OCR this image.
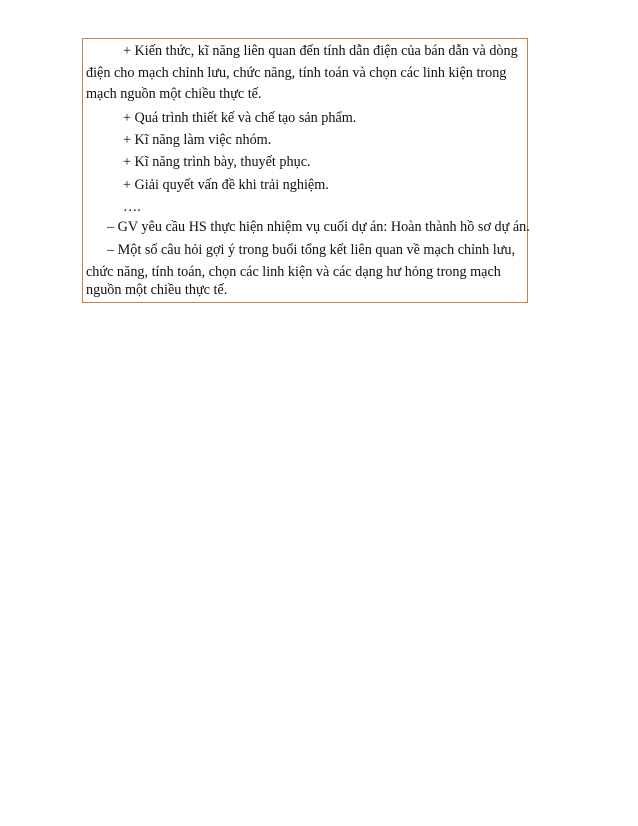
+ Kiến thức, kĩ năng liên quan đến tính dẫn điện của bán dẫn và dòng
điện cho mạch chỉnh lưu, chức năng, tính toán và chọn các linh kiện trong
mạch nguồn một chiều thực tế.
+ Quá trình thiết kế và chế tạo sản phẩm.
+ Kĩ năng làm việc nhóm.
+ Kĩ năng trình bày, thuyết phục.
+ Giải quyết vấn đề khi trải nghiệm.
….
– GV yêu cầu HS thực hiện nhiệm vụ cuối dự án: Hoàn thành hồ sơ dự án.
– Một số câu hỏi gợi ý trong buổi tổng kết liên quan về mạch chỉnh lưu,
chức năng, tính toán, chọn các linh kiện và các dạng hư hỏng trong mạch
nguồn một chiều thực tế.
